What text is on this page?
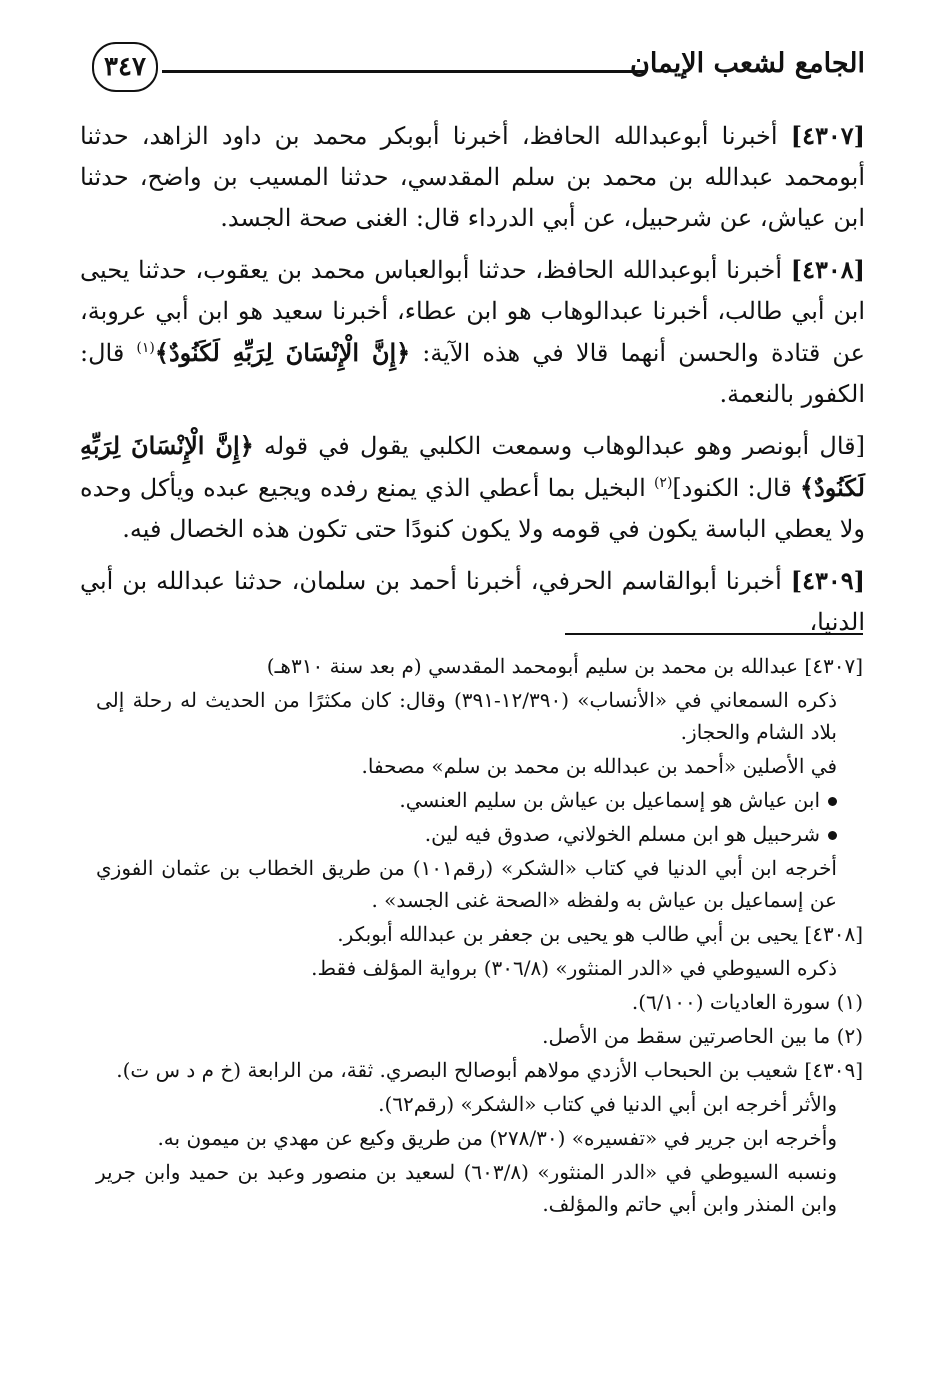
الجامع لشعب الإيمان
٣٤٧

[٤٣٠٧] أخبرنا أبوعبدالله الحافظ، أخبرنا أبوبكر محمد بن داود الزاهد، حدثنا أبومحمد عبدالله بن محمد بن سلم المقدسي، حدثنا المسيب بن واضح، حدثنا ابن عياش، عن شرحبيل، عن أبي الدرداء قال: الغنى صحة الجسد.

[٤٣٠٨] أخبرنا أبوعبدالله الحافظ، حدثنا أبوالعباس محمد بن يعقوب، حدثنا يحيى ابن أبي طالب، أخبرنا عبدالوهاب هو ابن عطاء، أخبرنا سعيد هو ابن أبي عروبة، عن قتادة والحسن أنهما قالا في هذه الآية: ﴿إِنَّ الْإِنْسَانَ لِرَبِّهِ لَكَنُودٌ﴾$^{(١)}$ قال: الكفور بالنعمة.

[قال أبونصر وهو عبدالوهاب وسمعت الكلبي يقول في قوله ﴿إِنَّ الْإِنْسَانَ لِرَبِّهِ لَكَنُودٌ﴾ قال: الكنود]$^{(٢)}$ البخيل بما أعطي الذي يمنع رفده ويجيع عبده ويأكل وحده ولا يعطي الباسة يكون في قومه ولا يكون كنودًا حتى تكون هذه الخصال فيه.

[٤٣٠٩] أخبرنا أبوالقاسم الحرفي، أخبرنا أحمد بن سلمان، حدثنا عبدالله بن أبي الدنيا،

[٤٣٠٧] عبدالله بن محمد بن سليم أبومحمد المقدسي (م بعد سنة ٣١٠هـ)

ذكره السمعاني في «الأنساب» (١٢/٣٩٠-٣٩١) وقال: كان مكثرًا من الحديث له رحلة إلى بلاد الشام والحجاز.

في الأصلين «أحمد بن عبدالله بن محمد بن سلم» مصحفا.

ابن عياش هو إسماعيل بن عياش بن سليم العنسي.

شرحبيل هو ابن مسلم الخولاني، صدوق فيه لين.

أخرجه ابن أبي الدنيا في كتاب «الشكر» (رقم١٠١) من طريق الخطاب بن عثمان الفوزي عن إسماعيل بن عياش به ولفظه «الصحة غنى الجسد» .

[٤٣٠٨] يحيى بن أبي طالب هو يحيى بن جعفر بن عبدالله أبوبكر.

ذكره السيوطي في «الدر المنثور» (٣٠٦/٨) برواية المؤلف فقط.

(١) سورة العاديات (٦/١٠٠).

(٢) ما بين الحاصرتين سقط من الأصل.

[٤٣٠٩] شعيب بن الحبحاب الأزدي مولاهم أبوصالح البصري. ثقة، من الرابعة (خ م د س ت).

والأثر أخرجه ابن أبي الدنيا في كتاب «الشكر» (رقم٦٢).

وأخرجه ابن جرير في «تفسيره» (٢٧٨/٣٠) من طريق وكيع عن مهدي بن ميمون به.

ونسبه السيوطي في «الدر المنثور» (٦٠٣/٨) لسعيد بن منصور وعبد بن حميد وابن جرير وابن المنذر وابن أبي حاتم والمؤلف.
